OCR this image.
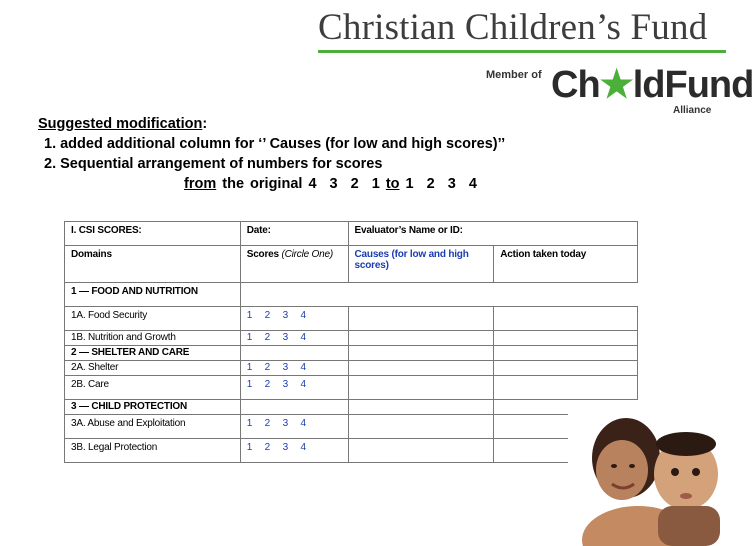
Christian Children’s Fund
Member of Ch★ldFund
Alliance
Suggested modification:
1. added additional column for ‘’ Causes (for low and high scores)’’
2. Sequential arrangement of numbers for scores
from the original 4 3 2 1 to 1 2 3 4
I. CSI SCORES:	Date:	Evaluator’s Name or ID:	
Domains	Scores (Circle One)	Causes (for low and high scores)	Action taken today
1 — FOOD AND NUTRITION			
1A. Food Security	1 2 3 4		
1B. Nutrition and Growth	1 2 3 4		
2 — SHELTER AND CARE			
2A. Shelter	1 2 3 4		
2B. Care	1 2 3 4		
3 — CHILD PROTECTION			
3A. Abuse and Exploitation	1 2 3 4		
3B. Legal Protection	1 2 3 4		
